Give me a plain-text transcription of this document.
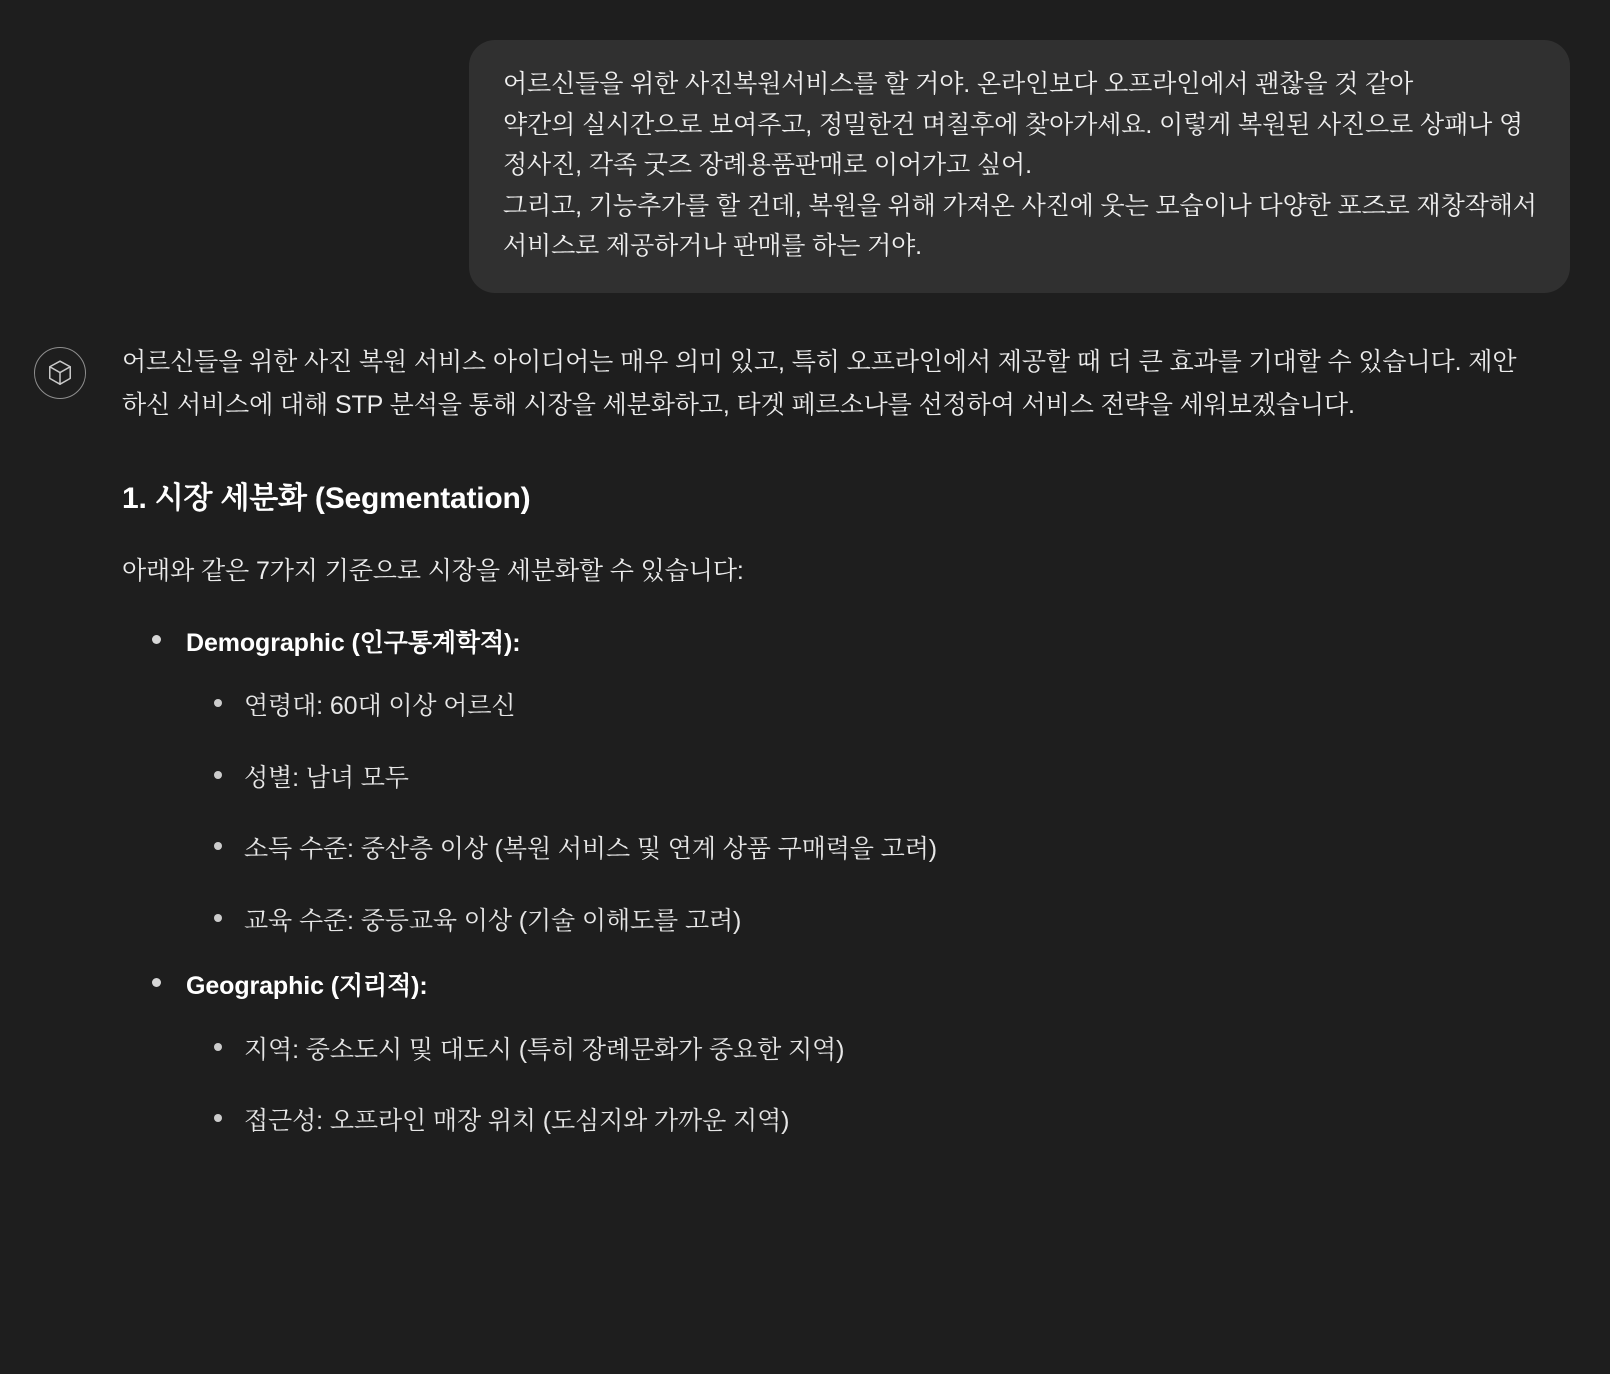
어르신들을 위한 사진복원서비스를 할 거야. 온라인보다 오프라인에서 괜찮을 것 같아

약간의 실시간으로 보여주고, 정밀한건 며칠후에 찾아가세요. 이렇게 복원된 사진으로 상패나 영정사진, 각족 굿즈 장례용품판매로 이어가고 싶어.

그리고, 기능추가를 할 건데, 복원을 위해 가져온 사진에 웃는 모습이나 다양한 포즈로 재창작해서 서비스로 제공하거나 판매를 하는 거야.

어르신들을 위한 사진 복원 서비스 아이디어는 매우 의미 있고, 특히 오프라인에서 제공할 때 더 큰 효과를 기대할 수 있습니다. 제안하신 서비스에 대해 STP 분석을 통해 시장을 세분화하고, 타겟 페르소나를 선정하여 서비스 전략을 세워보겠습니다.

1. 시장 세분화 (Segmentation)

아래와 같은 7가지 기준으로 시장을 세분화할 수 있습니다:

Demographic (인구통계학적):
연령대: 60대 이상 어르신
성별: 남녀 모두
소득 수준: 중산층 이상 (복원 서비스 및 연계 상품 구매력을 고려)
교육 수준: 중등교육 이상 (기술 이해도를 고려)
Geographic (지리적):
지역: 중소도시 및 대도시 (특히 장례문화가 중요한 지역)
접근성: 오프라인 매장 위치 (도심지와 가까운 지역)
